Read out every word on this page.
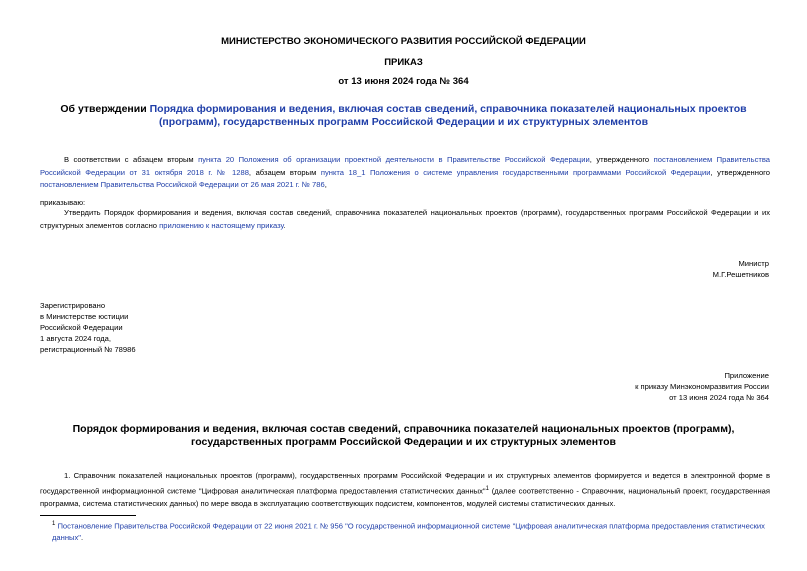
МИНИСТЕРСТВО ЭКОНОМИЧЕСКОГО РАЗВИТИЯ РОССИЙСКОЙ ФЕДЕРАЦИИ
ПРИКАЗ
от 13 июня 2024 года № 364
Об утверждении Порядка формирования и ведения, включая состав сведений, справочника показателей национальных проектов (программ), государственных программ Российской Федерации и их структурных элементов
В соответствии с абзацем вторым пункта 20 Положения об организации проектной деятельности в Правительстве Российской Федерации, утвержденного постановлением Правительства Российской Федерации от 31 октября 2018 г. № 1288, абзацем вторым пункта 18_1 Положения о системе управления государственными программами Российской Федерации, утвержденного постановлением Правительства Российской Федерации от 26 мая 2021 г. № 786,
приказываю:
Утвердить Порядок формирования и ведения, включая состав сведений, справочника показателей национальных проектов (программ), государственных программ Российской Федерации и их структурных элементов согласно приложению к настоящему приказу.
Министр
М.Г.Решетников
Зарегистрировано
в Министерстве юстиции
Российской Федерации
1 августа 2024 года,
регистрационный № 78986
Приложение
к приказу Минэкономразвития России
от 13 июня 2024 года № 364
Порядок формирования и ведения, включая состав сведений, справочника показателей национальных проектов (программ), государственных программ Российской Федерации и их структурных элементов
1. Справочник показателей национальных проектов (программ), государственных программ Российской Федерации и их структурных элементов формируется и ведется в электронной форме в государственной информационной системе "Цифровая аналитическая платформа предоставления статистических данных"$^1$ (далее соответственно - Справочник, национальный проект, государственная программа, система статистических данных) по мере ввода в эксплуатацию соответствующих подсистем, компонентов, модулей системы статистических данных.
$^1$ Постановление Правительства Российской Федерации от 22 июня 2021 г. № 956 "О государственной информационной системе "Цифровая аналитическая платформа предоставления статистических данных".
